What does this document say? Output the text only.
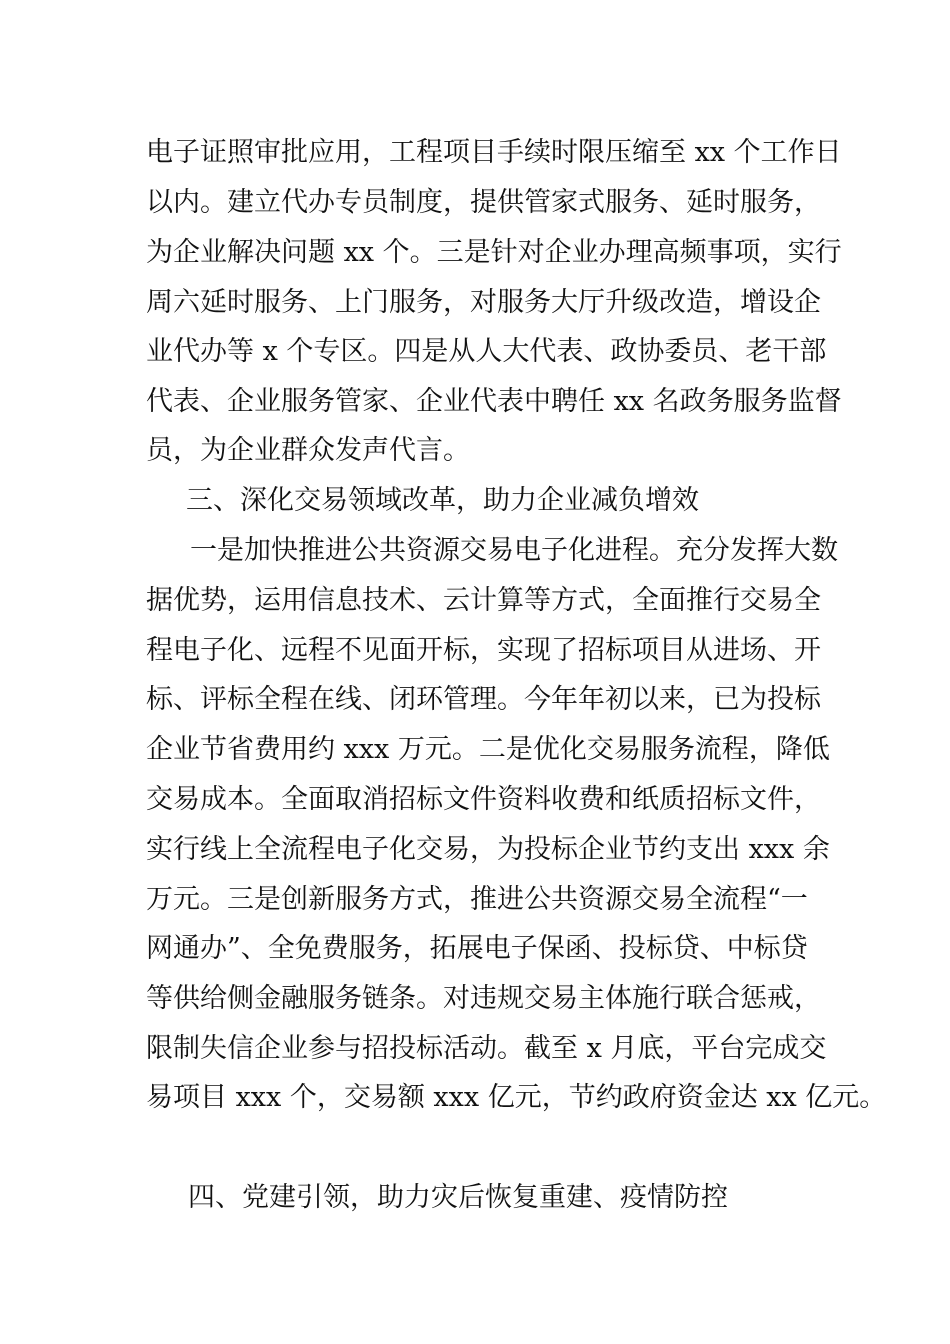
电子证照审批应用，工程项目手续时限压缩至 xx 个工作日

以内。建立代办专员制度，提供管家式服务、延时服务，

为企业解决问题 xx 个。三是针对企业办理高频事项，实行

周六延时服务、上门服务，对服务大厅升级改造，增设企

业代办等 x 个专区。四是从人大代表、政协委员、老干部

代表、企业服务管家、企业代表中聘任 xx 名政务服务监督

员，为企业群众发声代言。

三、深化交易领域改革，助力企业减负增效

一是加快推进公共资源交易电子化进程。充分发挥大数

据优势，运用信息技术、云计算等方式，全面推行交易全

程电子化、远程不见面开标，实现了招标项目从进场、开

标、评标全程在线、闭环管理。今年年初以来，已为投标

企业节省费用约 xxx 万元。二是优化交易服务流程，降低

交易成本。全面取消招标文件资料收费和纸质招标文件，

实行线上全流程电子化交易，为投标企业节约支出 xxx 余

万元。三是创新服务方式，推进公共资源交易全流程“一

网通办”、全免费服务，拓展电子保函、投标贷、中标贷

等供给侧金融服务链条。对违规交易主体施行联合惩戒，

限制失信企业参与招投标活动。截至 x 月底，平台完成交

易项目 xxx 个，交易额 xxx 亿元，节约政府资金达 xx 亿元。

四、党建引领，助力灾后恢复重建、疫情防控
